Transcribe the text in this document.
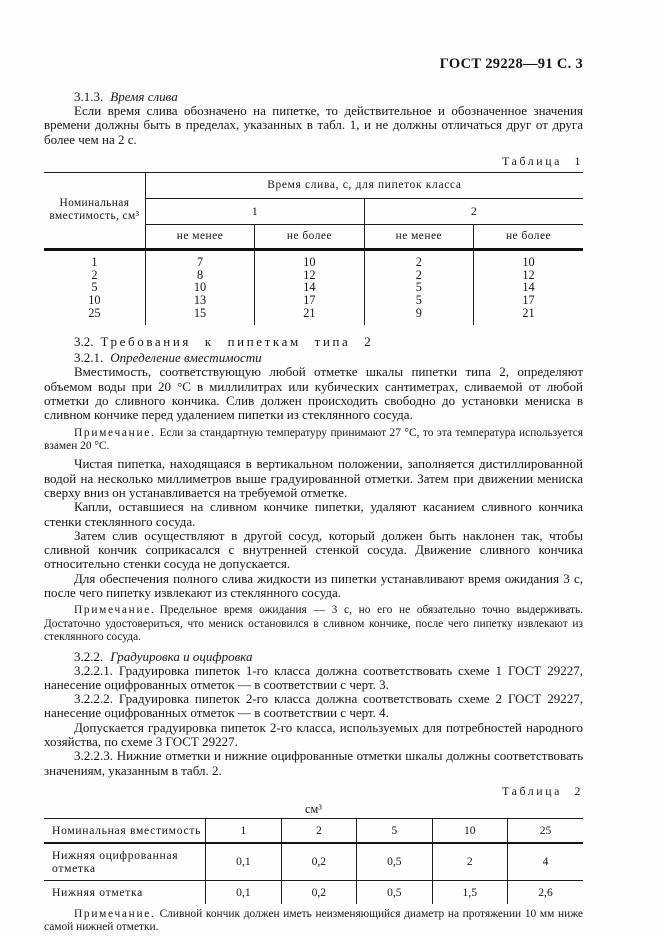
ГОСТ 29228—91 С. 3

3.1.3. Время слива

Если время слива обозначено на пипетке, то действительное и обозначенное значения времени должны быть в пределах, указанных в табл. 1, и не должны отличаться друг от друга более чем на 2 с.

Таблица 1
Номинальная вместимость, см³	Время слива, с, для пипеток класса			
	1		2	
	не менее	не более	не менее	не более
1	7	10	2	10
2	8	12	2	12
5	10	14	5	14
10	13	17	5	17
25	15	21	9	21

3.2. Требования к пипеткам типа 2

3.2.1. Определение вместимости

Вместимость, соответствующую любой отметке шкалы пипетки типа 2, определяют объемом воды при 20 °С в миллилитрах или кубических сантиметрах, сливаемой от любой отметки до сливного кончика. Слив должен происходить свободно до установки мениска в сливном кончике перед удалением пипетки из стеклянного сосуда.

Примечание. Если за стандартную температуру принимают 27 °С, то эта температура используется взамен 20 °С.

Чистая пипетка, находящаяся в вертикальном положении, заполняется дистиллированной водой на несколько миллиметров выше градуированной отметки. Затем при движении мениска сверху вниз он устанавливается на требуемой отметке.

Капли, оставшиеся на сливном кончике пипетки, удаляют касанием сливного кончика стенки стеклянного сосуда.

Затем слив осуществляют в другой сосуд, который должен быть наклонен так, чтобы сливной кончик соприкасался с внутренней стенкой сосуда. Движение сливного кончика относительно стенки сосуда не допускается.

Для обеспечения полного слива жидкости из пипетки устанавливают время ожидания 3 с, после чего пипетку извлекают из стеклянного сосуда.

Примечание. Предельное время ожидания — 3 с, но его не обязательно точно выдерживать. Достаточно удостовериться, что мениск остановился в сливном кончике, после чего пипетку извлекают из стеклянного сосуда.

3.2.2. Градуировка и оцифровка

3.2.2.1. Градуировка пипеток 1-го класса должна соответствовать схеме 1 ГОСТ 29227, нанесение оцифрованных отметок — в соответствии с черт. 3.

3.2.2.2. Градуировка пипеток 2-го класса должна соответствовать схеме 2 ГОСТ 29227, нанесение оцифрованных отметок — в соответствии с черт. 4.

Допускается градуировка пипеток 2-го класса, используемых для потребностей народного хозяйства, по схеме 3 ГОСТ 29227.

3.2.2.3. Нижние отметки и нижние оцифрованные отметки шкалы должны соответствовать значениям, указанным в табл. 2.

Таблица 2
см³
Номинальная вместимость	1	2	5	10	25
Нижняя оцифрованная отметка	0,1	0,2	0,5	2	4
Нижняя отметка	0,1	0,2	0,5	1,5	2,6

Примечание. Сливной кончик должен иметь неизменяющийся диаметр на протяжении 10 мм ниже самой нижней отметки.
